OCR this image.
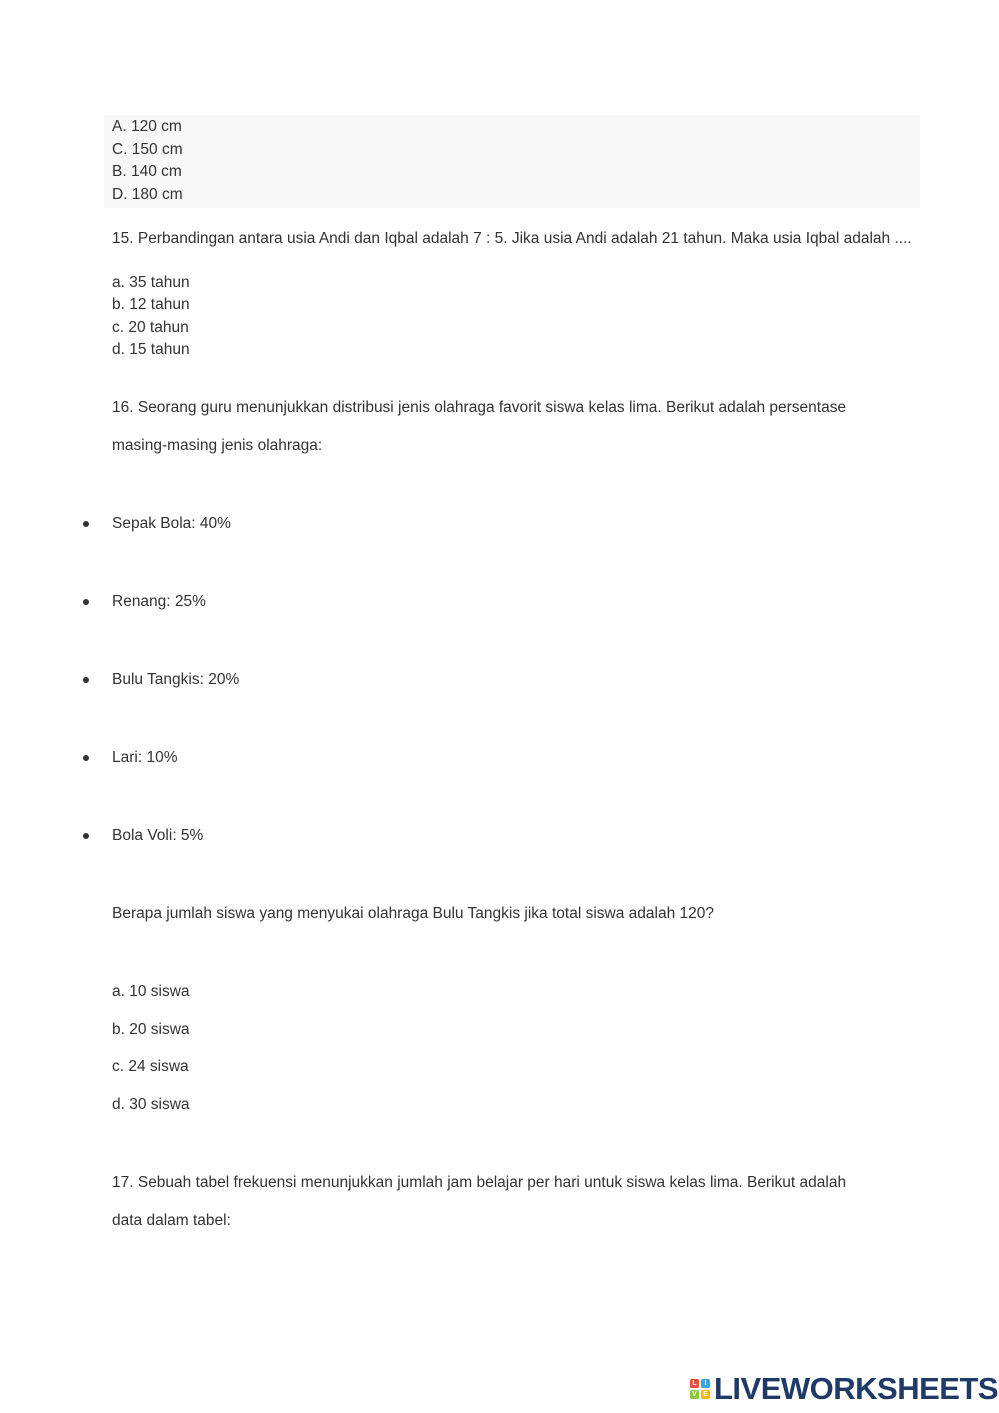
A. 120 cm
C. 150 cm
B. 140 cm
D. 180 cm
15. Perbandingan antara usia Andi dan Iqbal adalah 7 : 5. Jika usia Andi adalah 21 tahun. Maka usia Iqbal adalah ....
a. 35 tahun
b. 12 tahun
c. 20 tahun
d. 15 tahun
16. Seorang guru menunjukkan distribusi jenis olahraga favorit siswa kelas lima. Berikut adalah persentase
masing-masing jenis olahraga:
Sepak Bola: 40%
Renang: 25%
Bulu Tangkis: 20%
Lari: 10%
Bola Voli: 5%
Berapa jumlah siswa yang menyukai olahraga Bulu Tangkis jika total siswa adalah 120?
a. 10 siswa
b. 20 siswa
c. 24 siswa
d. 30 siswa
17. Sebuah tabel frekuensi menunjukkan jumlah jam belajar per hari untuk siswa kelas lima. Berikut adalah
data dalam tabel:
L	I
V E LIVEWORKSHEETS
